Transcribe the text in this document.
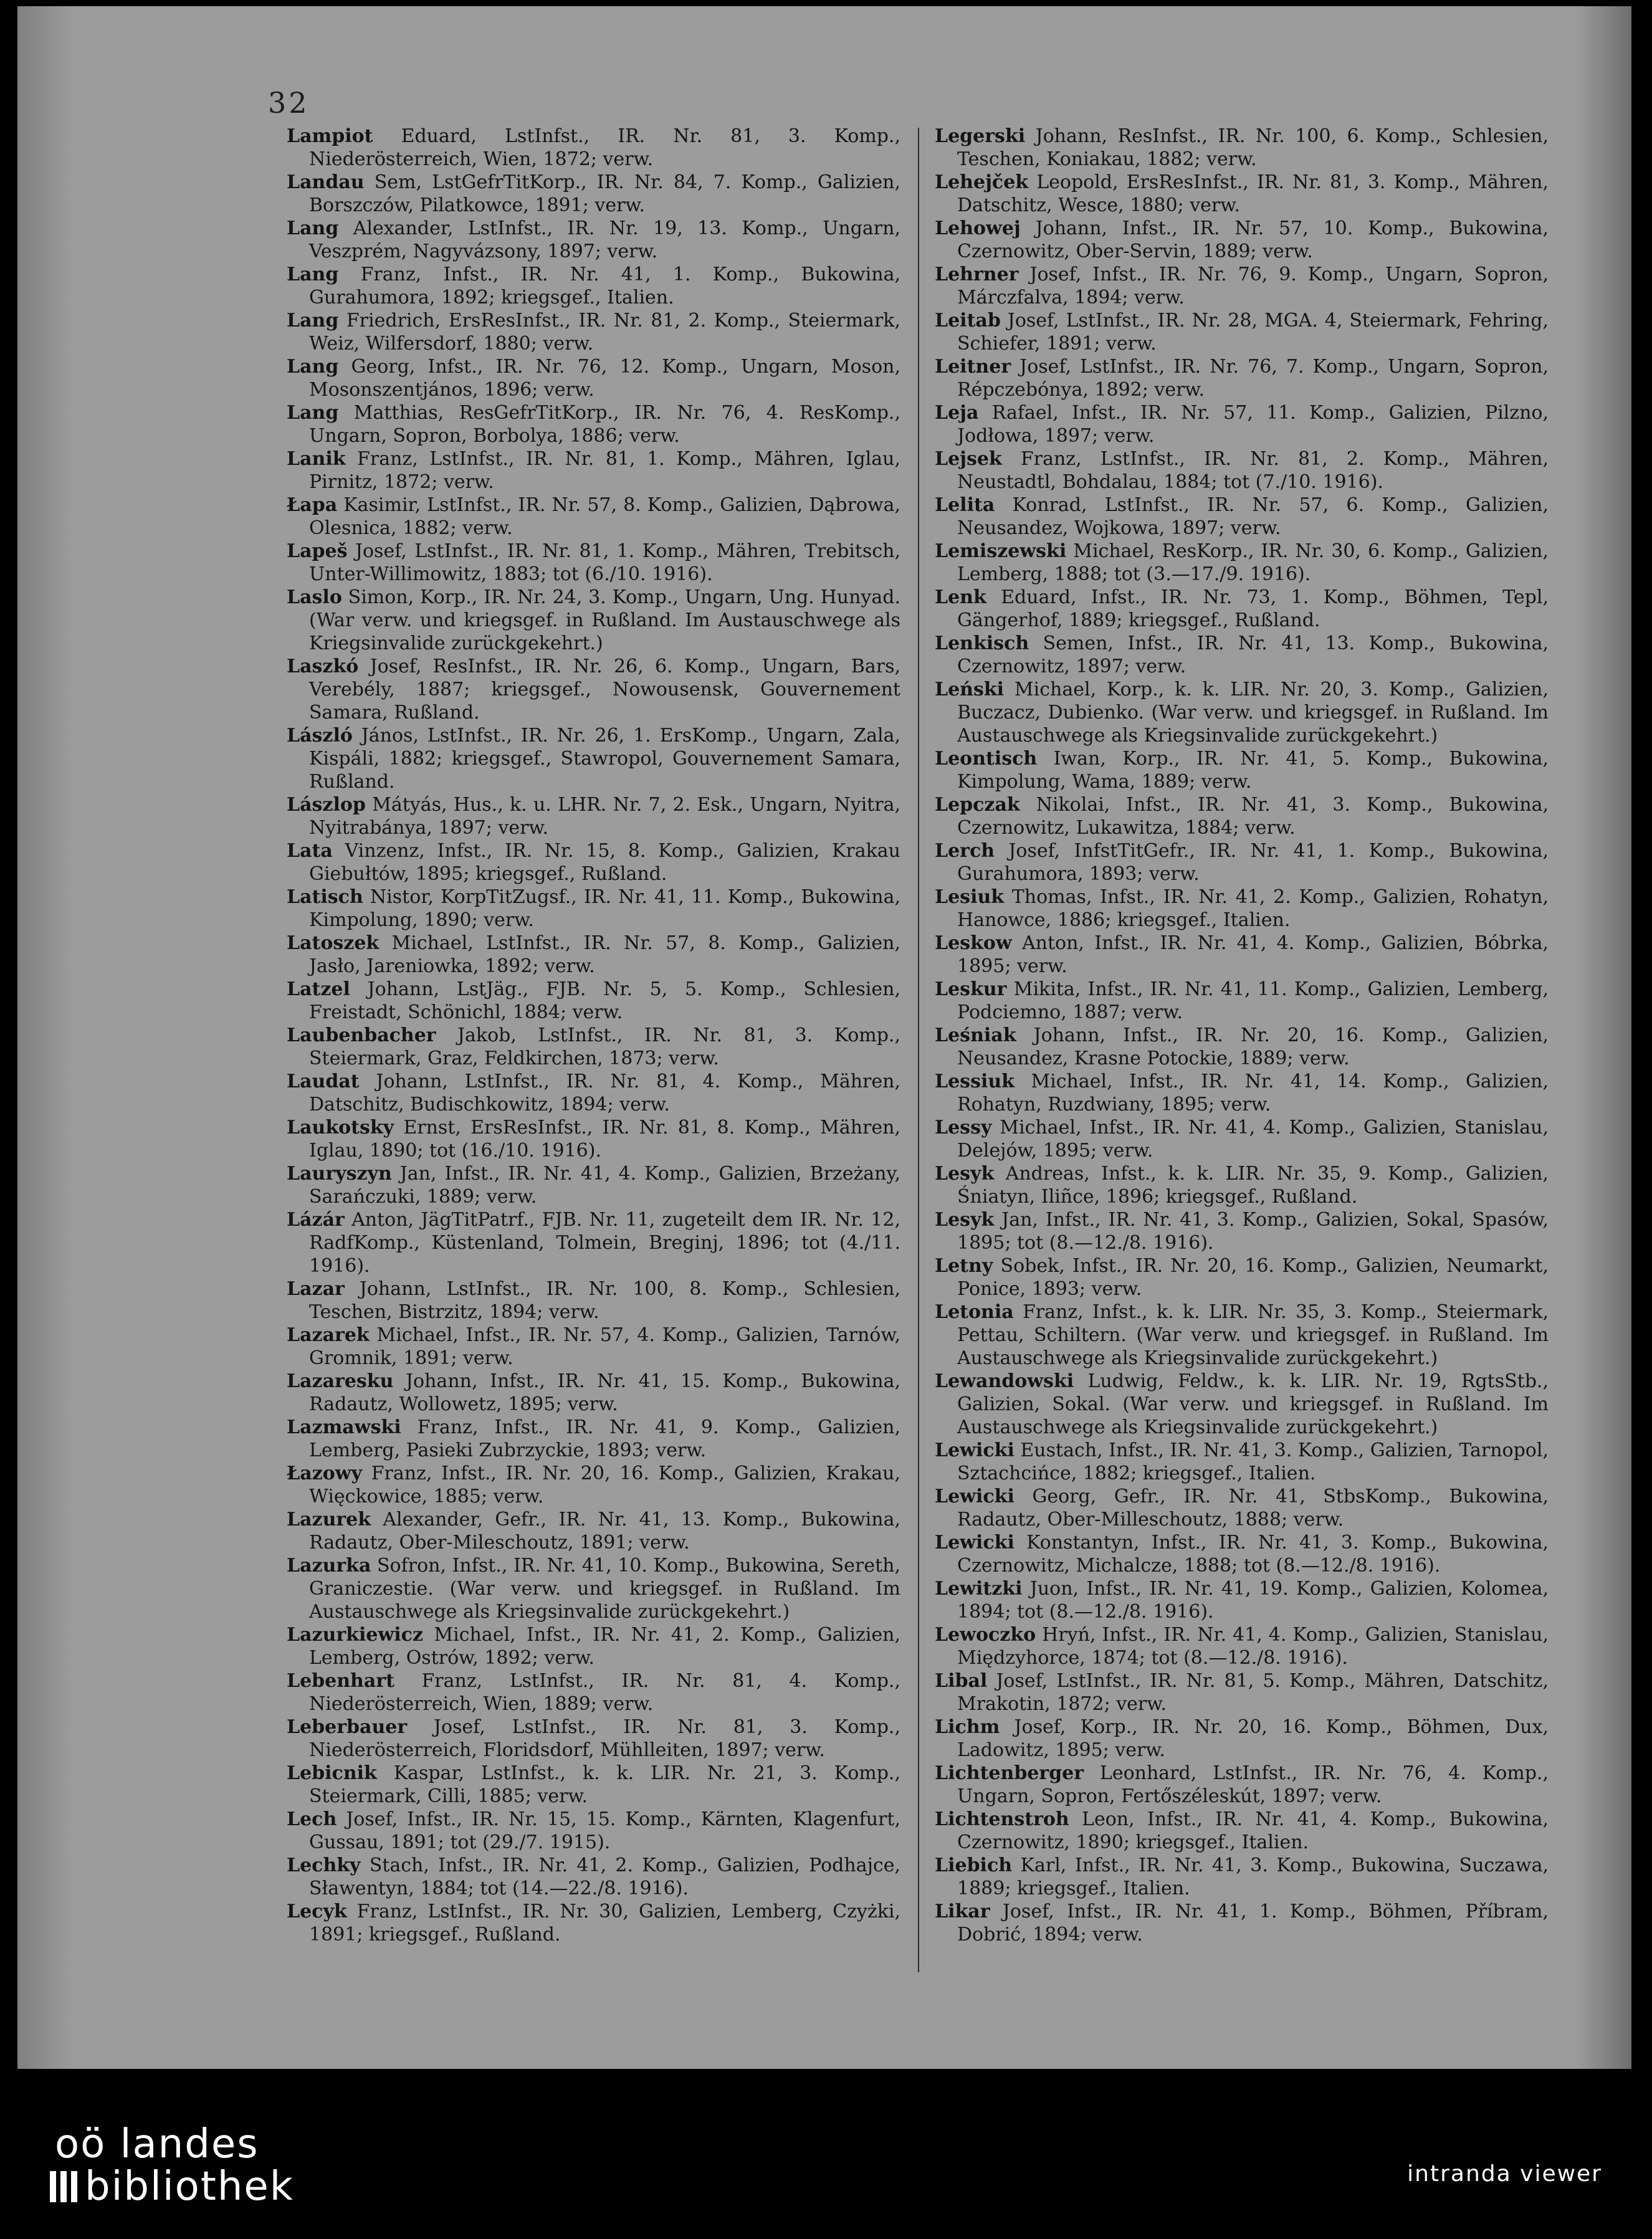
32

Lampiot Eduard, LstInfst., IR. Nr. 81, 3. Komp., Niederösterreich, Wien, 1872; verw.

Landau Sem, LstGefrTitKorp., IR. Nr. 84, 7. Komp., Galizien, Borszczów, Pilatkowce, 1891; verw.

Lang Alexander, LstInfst., IR. Nr. 19, 13. Komp., Ungarn, Veszprém, Nagyvázsony, 1897; verw.

Lang Franz, Infst., IR. Nr. 41, 1. Komp., Bukowina, Gurahumora, 1892; kriegsgef., Italien.

Lang Friedrich, ErsResInfst., IR. Nr. 81, 2. Komp., Steiermark, Weiz, Wilfersdorf, 1880; verw.

Lang Georg, Infst., IR. Nr. 76, 12. Komp., Ungarn, Moson, Mosonszentjános, 1896; verw.

Lang Matthias, ResGefrTitKorp., IR. Nr. 76, 4. ResKomp., Ungarn, Sopron, Borbolya, 1886; verw.

Lanik Franz, LstInfst., IR. Nr. 81, 1. Komp., Mähren, Iglau, Pirnitz, 1872; verw.

Łapa Kasimir, LstInfst., IR. Nr. 57, 8. Komp., Galizien, Dąbrowa, Olesnica, 1882; verw.

Lapeš Josef, LstInfst., IR. Nr. 81, 1. Komp., Mähren, Trebitsch, Unter-Willimowitz, 1883; tot (6./10. 1916).

Laslo Simon, Korp., IR. Nr. 24, 3. Komp., Ungarn, Ung. Hunyad. (War verw. und kriegsgef. in Rußland. Im Austauschwege als Kriegsinvalide zurückgekehrt.)

Laszkó Josef, ResInfst., IR. Nr. 26, 6. Komp., Ungarn, Bars, Verebély, 1887; kriegsgef., Nowousensk, Gouvernement Samara, Rußland.

László János, LstInfst., IR. Nr. 26, 1. ErsKomp., Ungarn, Zala, Kispáli, 1882; kriegsgef., Stawropol, Gouvernement Samara, Rußland.

Lászlop Mátyás, Hus., k. u. LHR. Nr. 7, 2. Esk., Ungarn, Nyitra, Nyitrabánya, 1897; verw.

Lata Vinzenz, Infst., IR. Nr. 15, 8. Komp., Galizien, Krakau Giebułtów, 1895; kriegsgef., Rußland.

Latisch Nistor, KorpTitZugsf., IR. Nr. 41, 11. Komp., Bukowina, Kimpolung, 1890; verw.

Latoszek Michael, LstInfst., IR. Nr. 57, 8. Komp., Galizien, Jasło, Jareniowka, 1892; verw.

Latzel Johann, LstJäg., FJB. Nr. 5, 5. Komp., Schlesien, Freistadt, Schönichl, 1884; verw.

Laubenbacher Jakob, LstInfst., IR. Nr. 81, 3. Komp., Steiermark, Graz, Feldkirchen, 1873; verw.

Laudat Johann, LstInfst., IR. Nr. 81, 4. Komp., Mähren, Datschitz, Budischkowitz, 1894; verw.

Laukotsky Ernst, ErsResInfst., IR. Nr. 81, 8. Komp., Mähren, Iglau, 1890; tot (16./10. 1916).

Lauryszyn Jan, Infst., IR. Nr. 41, 4. Komp., Galizien, Brzeżany, Sarańczuki, 1889; verw.

Lázár Anton, JägTitPatrf., FJB. Nr. 11, zugeteilt dem IR. Nr. 12, RadfKomp., Küstenland, Tolmein, Breginj, 1896; tot (4./11. 1916).

Lazar Johann, LstInfst., IR. Nr. 100, 8. Komp., Schlesien, Teschen, Bistrzitz, 1894; verw.

Lazarek Michael, Infst., IR. Nr. 57, 4. Komp., Galizien, Tarnów, Gromnik, 1891; verw.

Lazaresku Johann, Infst., IR. Nr. 41, 15. Komp., Bukowina, Radautz, Wollowetz, 1895; verw.

Lazmawski Franz, Infst., IR. Nr. 41, 9. Komp., Galizien, Lemberg, Pasieki Zubrzyckie, 1893; verw.

Łazowy Franz, Infst., IR. Nr. 20, 16. Komp., Galizien, Krakau, Więckowice, 1885; verw.

Lazurek Alexander, Gefr., IR. Nr. 41, 13. Komp., Bukowina, Radautz, Ober-Mileschoutz, 1891; verw.

Lazurka Sofron, Infst., IR. Nr. 41, 10. Komp., Bukowina, Sereth, Graniczestie. (War verw. und kriegsgef. in Rußland. Im Austauschwege als Kriegsinvalide zurückgekehrt.)

Lazurkiewicz Michael, Infst., IR. Nr. 41, 2. Komp., Galizien, Lemberg, Ostrów, 1892; verw.

Lebenhart Franz, LstInfst., IR. Nr. 81, 4. Komp., Niederösterreich, Wien, 1889; verw.

Leberbauer Josef, LstInfst., IR. Nr. 81, 3. Komp., Niederösterreich, Floridsdorf, Mühlleiten, 1897; verw.

Lebicnik Kaspar, LstInfst., k. k. LIR. Nr. 21, 3. Komp., Steiermark, Cilli, 1885; verw.

Lech Josef, Infst., IR. Nr. 15, 15. Komp., Kärnten, Klagenfurt, Gussau, 1891; tot (29./7. 1915).

Lechky Stach, Infst., IR. Nr. 41, 2. Komp., Galizien, Podhajce, Sławentyn, 1884; tot (14.—22./8. 1916).

Lecyk Franz, LstInfst., IR. Nr. 30, Galizien, Lemberg, Czyżki, 1891; kriegsgef., Rußland.

Legerski Johann, ResInfst., IR. Nr. 100, 6. Komp., Schlesien, Teschen, Koniakau, 1882; verw.

Lehejček Leopold, ErsResInfst., IR. Nr. 81, 3. Komp., Mähren, Datschitz, Wesce, 1880; verw.

Lehowej Johann, Infst., IR. Nr. 57, 10. Komp., Bukowina, Czernowitz, Ober-Servin, 1889; verw.

Lehrner Josef, Infst., IR. Nr. 76, 9. Komp., Ungarn, Sopron, Márczfalva, 1894; verw.

Leitab Josef, LstInfst., IR. Nr. 28, MGA. 4, Steiermark, Fehring, Schiefer, 1891; verw.

Leitner Josef, LstInfst., IR. Nr. 76, 7. Komp., Ungarn, Sopron, Répczebónya, 1892; verw.

Leja Rafael, Infst., IR. Nr. 57, 11. Komp., Galizien, Pilzno, Jodłowa, 1897; verw.

Lejsek Franz, LstInfst., IR. Nr. 81, 2. Komp., Mähren, Neustadtl, Bohdalau, 1884; tot (7./10. 1916).

Lelita Konrad, LstInfst., IR. Nr. 57, 6. Komp., Galizien, Neusandez, Wojkowa, 1897; verw.

Lemiszewski Michael, ResKorp., IR. Nr. 30, 6. Komp., Galizien, Lemberg, 1888; tot (3.—17./9. 1916).

Lenk Eduard, Infst., IR. Nr. 73, 1. Komp., Böhmen, Tepl, Gängerhof, 1889; kriegsgef., Rußland.

Lenkisch Semen, Infst., IR. Nr. 41, 13. Komp., Bukowina, Czernowitz, 1897; verw.

Leński Michael, Korp., k. k. LIR. Nr. 20, 3. Komp., Galizien, Buczacz, Dubienko. (War verw. und kriegsgef. in Rußland. Im Austauschwege als Kriegsinvalide zurückgekehrt.)

Leontisch Iwan, Korp., IR. Nr. 41, 5. Komp., Bukowina, Kimpolung, Wama, 1889; verw.

Lepczak Nikolai, Infst., IR. Nr. 41, 3. Komp., Bukowina, Czernowitz, Lukawitza, 1884; verw.

Lerch Josef, InfstTitGefr., IR. Nr. 41, 1. Komp., Bukowina, Gurahumora, 1893; verw.

Lesiuk Thomas, Infst., IR. Nr. 41, 2. Komp., Galizien, Rohatyn, Hanowce, 1886; kriegsgef., Italien.

Leskow Anton, Infst., IR. Nr. 41, 4. Komp., Galizien, Bóbrka, 1895; verw.

Leskur Mikita, Infst., IR. Nr. 41, 11. Komp., Galizien, Lemberg, Podciemno, 1887; verw.

Leśniak Johann, Infst., IR. Nr. 20, 16. Komp., Galizien, Neusandez, Krasne Potockie, 1889; verw.

Lessiuk Michael, Infst., IR. Nr. 41, 14. Komp., Galizien, Rohatyn, Ruzdwiany, 1895; verw.

Lessy Michael, Infst., IR. Nr. 41, 4. Komp., Galizien, Stanislau, Delejów, 1895; verw.

Lesyk Andreas, Infst., k. k. LIR. Nr. 35, 9. Komp., Galizien, Śniatyn, Iliñce, 1896; kriegsgef., Rußland.

Lesyk Jan, Infst., IR. Nr. 41, 3. Komp., Galizien, Sokal, Spasów, 1895; tot (8.—12./8. 1916).

Letny Sobek, Infst., IR. Nr. 20, 16. Komp., Galizien, Neumarkt, Ponice, 1893; verw.

Letonia Franz, Infst., k. k. LIR. Nr. 35, 3. Komp., Steiermark, Pettau, Schiltern. (War verw. und kriegsgef. in Rußland. Im Austauschwege als Kriegsinvalide zurückgekehrt.)

Lewandowski Ludwig, Feldw., k. k. LIR. Nr. 19, RgtsStb., Galizien, Sokal. (War verw. und kriegsgef. in Rußland. Im Austauschwege als Kriegsinvalide zurückgekehrt.)

Lewicki Eustach, Infst., IR. Nr. 41, 3. Komp., Galizien, Tarnopol, Sztachcińce, 1882; kriegsgef., Italien.

Lewicki Georg, Gefr., IR. Nr. 41, StbsKomp., Bukowina, Radautz, Ober-Milleschoutz, 1888; verw.

Lewicki Konstantyn, Infst., IR. Nr. 41, 3. Komp., Bukowina, Czernowitz, Michalcze, 1888; tot (8.—12./8. 1916).

Lewitzki Juon, Infst., IR. Nr. 41, 19. Komp., Galizien, Kolomea, 1894; tot (8.—12./8. 1916).

Lewoczko Hryń, Infst., IR. Nr. 41, 4. Komp., Galizien, Stanislau, Międzyhorce, 1874; tot (8.—12./8. 1916).

Libal Josef, LstInfst., IR. Nr. 81, 5. Komp., Mähren, Datschitz, Mrakotin, 1872; verw.

Lichm Josef, Korp., IR. Nr. 20, 16. Komp., Böhmen, Dux, Ladowitz, 1895; verw.

Lichtenberger Leonhard, LstInfst., IR. Nr. 76, 4. Komp., Ungarn, Sopron, Fertőszéleskút, 1897; verw.

Lichtenstroh Leon, Infst., IR. Nr. 41, 4. Komp., Bukowina, Czernowitz, 1890; kriegsgef., Italien.

Liebich Karl, Infst., IR. Nr. 41, 3. Komp., Bukowina, Suczawa, 1889; kriegsgef., Italien.

Likar Josef, Infst., IR. Nr. 41, 1. Komp., Böhmen, Příbram, Dobrić, 1894; verw.

oö landes
bibliothek	intranda viewer
